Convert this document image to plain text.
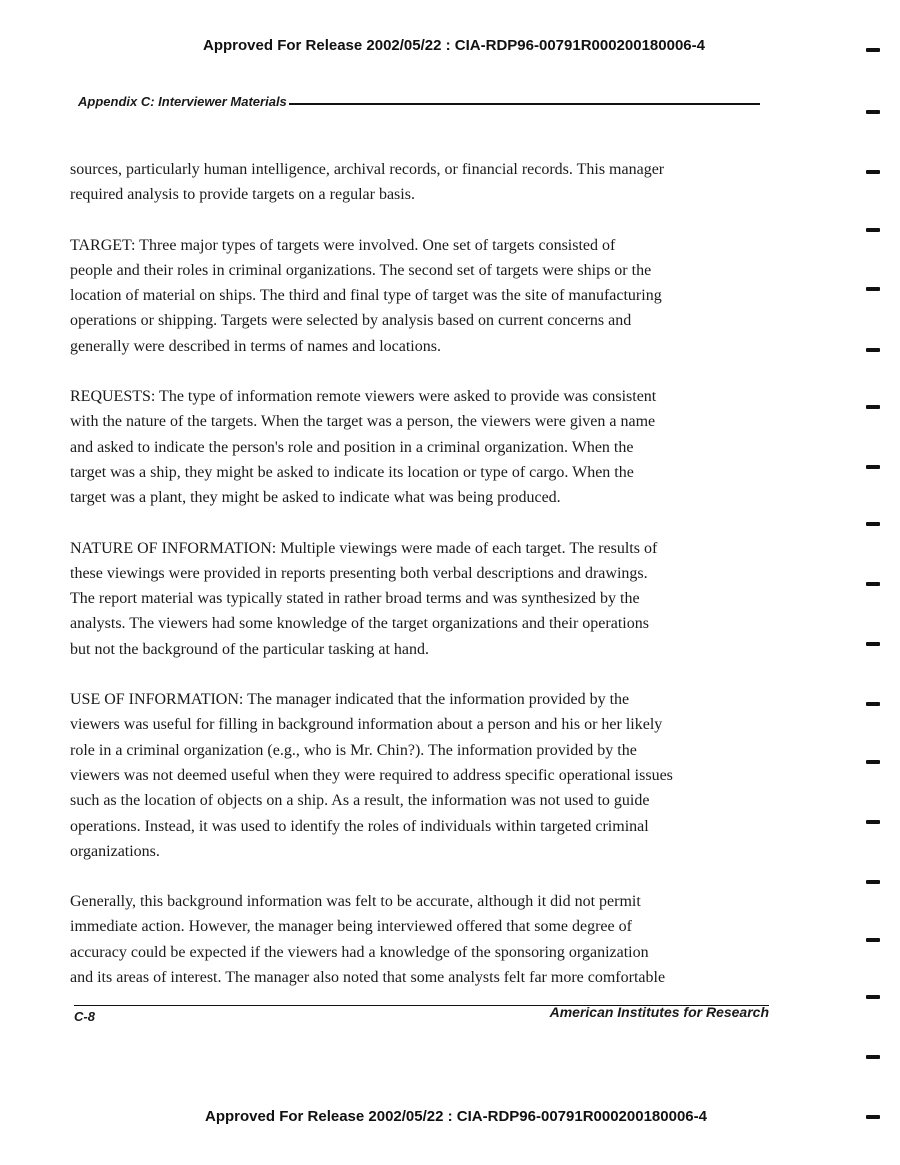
Approved For Release 2002/05/22 : CIA-RDP96-00791R000200180006-4
Appendix C: Interviewer Materials
sources, particularly human intelligence, archival records, or financial records. This manager
required analysis to provide targets on a regular basis.
TARGET: Three major types of targets were involved. One set of targets consisted of
people and their roles in criminal organizations. The second set of targets were ships or the
location of material on ships. The third and final type of target was the site of manufacturing
operations or shipping. Targets were selected by analysis based on current concerns and
generally were described in terms of names and locations.
REQUESTS: The type of information remote viewers were asked to provide was consistent
with the nature of the targets. When the target was a person, the viewers were given a name
and asked to indicate the person's role and position in a criminal organization. When the
target was a ship, they might be asked to indicate its location or type of cargo. When the
target was a plant, they might be asked to indicate what was being produced.
NATURE OF INFORMATION: Multiple viewings were made of each target. The results of
these viewings were provided in reports presenting both verbal descriptions and drawings.
The report material was typically stated in rather broad terms and was synthesized by the
analysts. The viewers had some knowledge of the target organizations and their operations
but not the background of the particular tasking at hand.
USE OF INFORMATION: The manager indicated that the information provided by the
viewers was useful for filling in background information about a person and his or her likely
role in a criminal organization (e.g., who is Mr. Chin?). The information provided by the
viewers was not deemed useful when they were required to address specific operational issues
such as the location of objects on a ship. As a result, the information was not used to guide
operations. Instead, it was used to identify the roles of individuals within targeted criminal
organizations.
Generally, this background information was felt to be accurate, although it did not permit
immediate action. However, the manager being interviewed offered that some degree of
accuracy could be expected if the viewers had a knowledge of the sponsoring organization
and its areas of interest. The manager also noted that some analysts felt far more comfortable
C-8	American Institutes for Research
Approved For Release 2002/05/22 : CIA-RDP96-00791R000200180006-4
